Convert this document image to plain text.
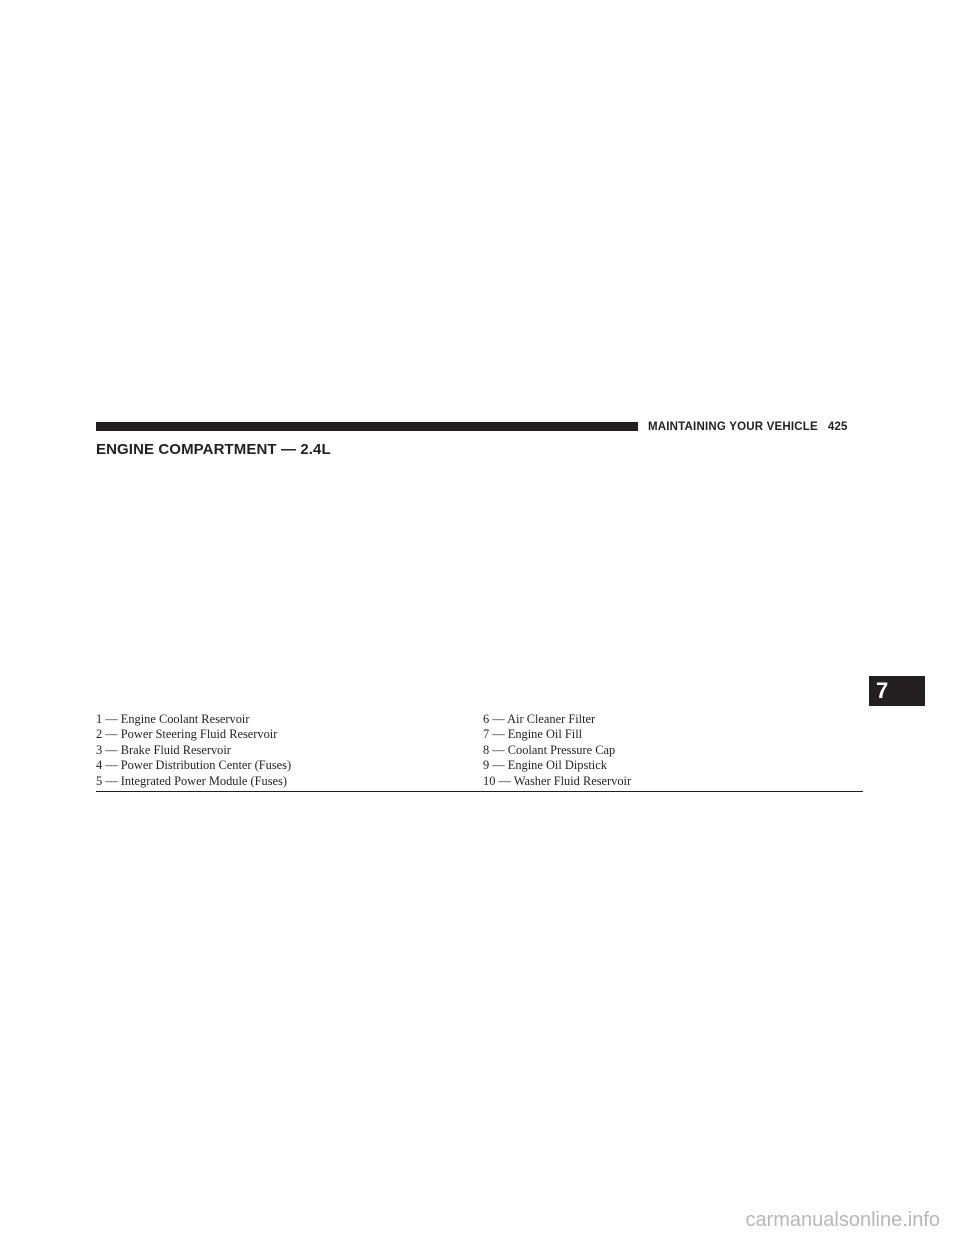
MAINTAINING YOUR VEHICLE 425
ENGINE COMPARTMENT — 2.4L
1 — Engine Coolant Reservoir
2 — Power Steering Fluid Reservoir
3 — Brake Fluid Reservoir
4 — Power Distribution Center (Fuses)
5 — Integrated Power Module (Fuses)
6 — Air Cleaner Filter
7 — Engine Oil Fill
8 — Coolant Pressure Cap
9 — Engine Oil Dipstick
10 — Washer Fluid Reservoir
7
carmanualsonline.info
